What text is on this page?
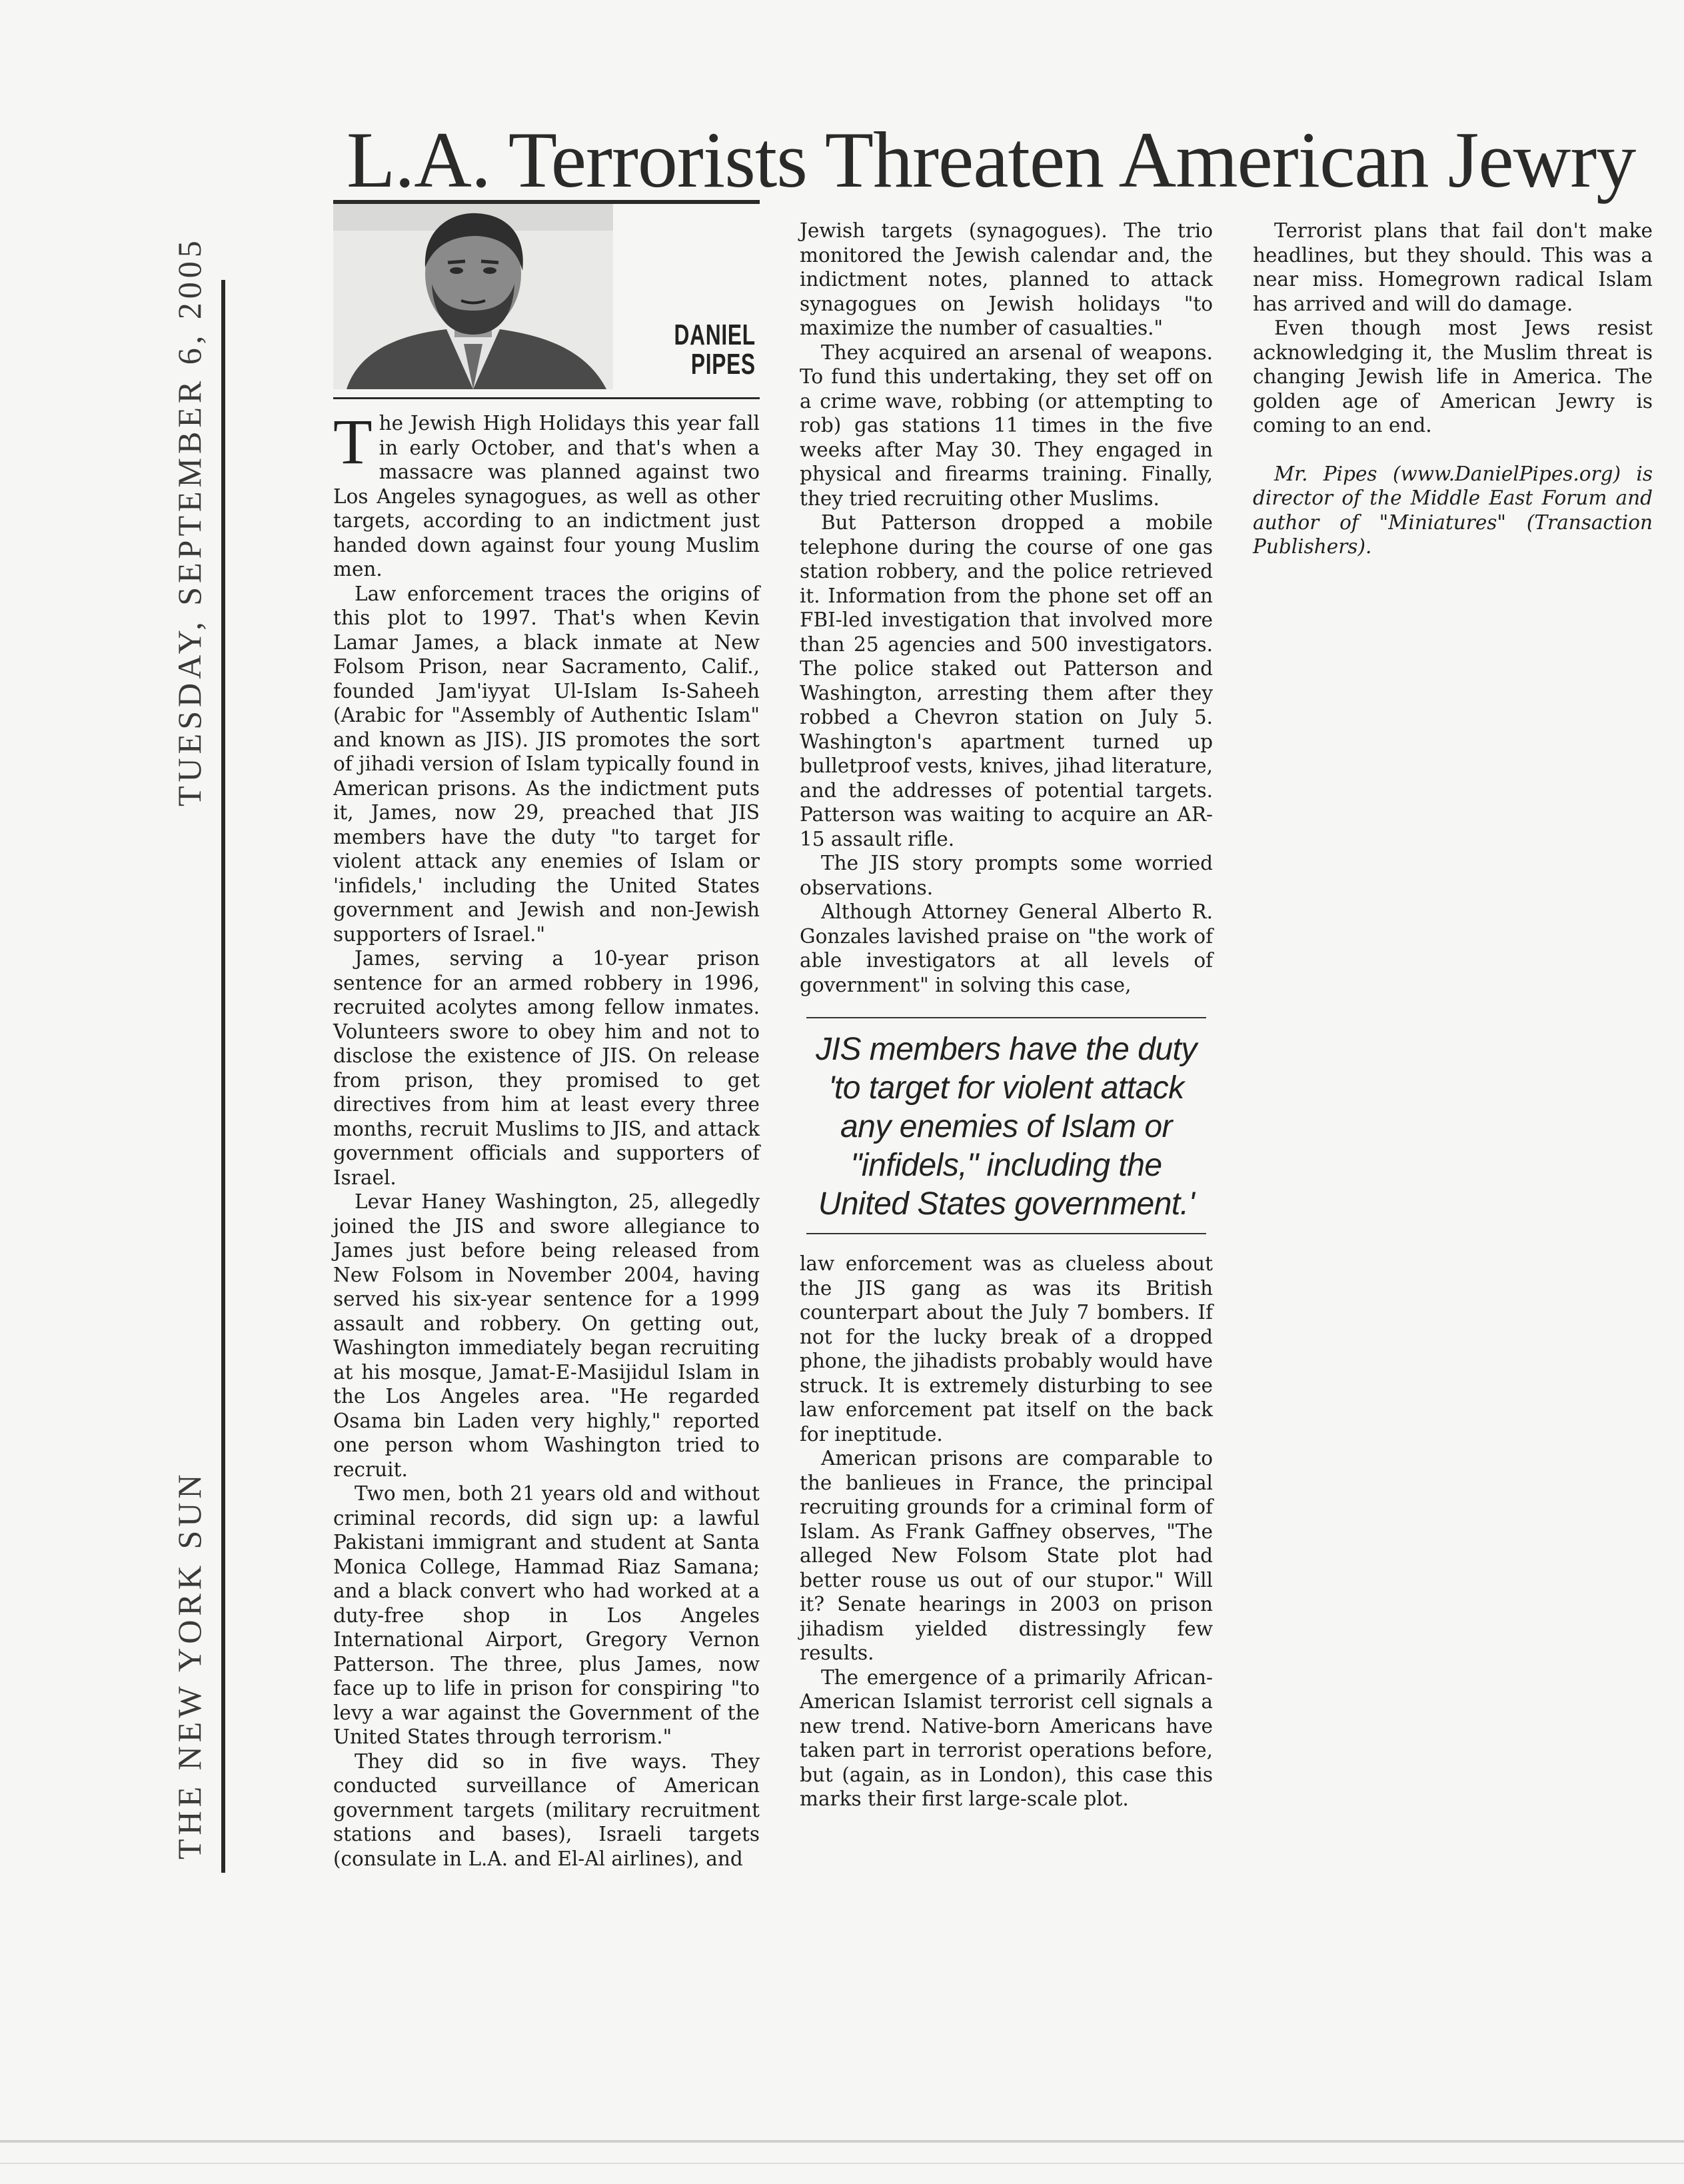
L.A. Terrorists Threaten American Jewry
TUESDAY, SEPTEMBER 6, 2005
THE NEW YORK SUN
DANIEL
PIPES

The Jewish High Holidays this year fall in early October, and that's when a massacre was planned against two Los Angeles synagogues, as well as other targets, according to an indictment just handed down against four young Muslim men.

Law enforcement traces the origins of this plot to 1997. That's when Kevin Lamar James, a black inmate at New Folsom Prison, near Sacramento, Calif., founded Jam'iyyat Ul-Islam Is-Saheeh (Arabic for "Assembly of Authentic Islam" and known as JIS). JIS promotes the sort of jihadi version of Islam typically found in American prisons. As the indictment puts it, James, now 29, preached that JIS members have the duty "to target for violent attack any enemies of Islam or 'infidels,' including the United States government and Jewish and non-Jewish supporters of Israel."

James, serving a 10-year prison sentence for an armed robbery in 1996, recruited acolytes among fellow inmates. Volunteers swore to obey him and not to disclose the existence of JIS. On release from prison, they promised to get directives from him at least every three months, recruit Muslims to JIS, and attack government officials and supporters of Israel.

Levar Haney Washington, 25, allegedly joined the JIS and swore allegiance to James just before being released from New Folsom in November 2004, having served his six-year sentence for a 1999 assault and robbery. On getting out, Washington immediately began recruiting at his mosque, Jamat-E-Masijidul Islam in the Los Angeles area. "He regarded Osama bin Laden very highly," reported one person whom Washington tried to recruit.

Two men, both 21 years old and without criminal records, did sign up: a lawful Pakistani immigrant and student at Santa Monica College, Hammad Riaz Samana; and a black convert who had worked at a duty-free shop in Los Angeles International Airport, Gregory Vernon Patterson. The three, plus James, now face up to life in prison for conspiring "to levy a war against the Government of the United States through terrorism."

They did so in five ways. They conducted surveillance of American government targets (military recruitment stations and bases), Israeli targets (consulate in L.A. and El-Al airlines), and

Jewish targets (synagogues). The trio monitored the Jewish calendar and, the indictment notes, planned to attack synagogues on Jewish holidays "to maximize the number of casualties."

They acquired an arsenal of weapons. To fund this undertaking, they set off on a crime wave, robbing (or attempting to rob) gas stations 11 times in the five weeks after May 30. They engaged in physical and firearms training. Finally, they tried recruiting other Muslims.

But Patterson dropped a mobile telephone during the course of one gas station robbery, and the police retrieved it. Information from the phone set off an FBI-led investigation that involved more than 25 agencies and 500 investigators. The police staked out Patterson and Washington, arresting them after they robbed a Chevron station on July 5. Washington's apartment turned up bulletproof vests, knives, jihad literature, and the addresses of potential targets. Patterson was waiting to acquire an AR-15 assault rifle.

The JIS story prompts some worried observations.

Although Attorney General Alberto R. Gonzales lavished praise on "the work of able investigators at all levels of government" in solving this case,

JIS members have the duty 'to target for violent attack any enemies of Islam or "infidels," including the United States government.'

law enforcement was as clueless about the JIS gang as was its British counterpart about the July 7 bombers. If not for the lucky break of a dropped phone, the jihadists probably would have struck. It is extremely disturbing to see law enforcement pat itself on the back for ineptitude.

American prisons are comparable to the banlieues in France, the principal recruiting grounds for a criminal form of Islam. As Frank Gaffney observes, "The alleged New Folsom State plot had better rouse us out of our stupor." Will it? Senate hearings in 2003 on prison jihadism yielded distressingly few results.

The emergence of a primarily African-American Islamist terrorist cell signals a new trend. Native-born Americans have taken part in terrorist operations before, but (again, as in London), this case this marks their first large-scale plot.

Terrorist plans that fail don't make headlines, but they should. This was a near miss. Homegrown radical Islam has arrived and will do damage.

Even though most Jews resist acknowledging it, the Muslim threat is changing Jewish life in America. The golden age of American Jewry is coming to an end.

Mr. Pipes (www.DanielPipes.org) is director of the Middle East Forum and author of "Miniatures" (Transaction Publishers).
